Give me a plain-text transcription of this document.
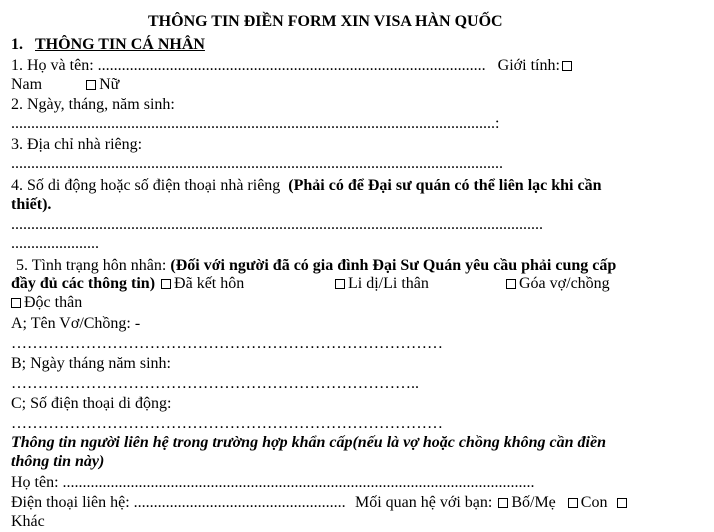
THÔNG TIN ĐIỀN FORM XIN VISA HÀN QUỐC
1. THÔNG TIN CÁ NHÂN
1. Họ và tên: ................................................................................................. Giới tính:
Nam	Nữ
2. Ngày, tháng, năm sinh:
.........................................................................................................................:
3. Địa chỉ nhà riêng:
...........................................................................................................................
4. Số di động hoặc số điện thoại nhà riêng (Phải có để Đại sư quán có thể liên lạc khi cần
thiết).
.....................................................................................................................................
......................
5. Tình trạng hôn nhân: (Đối với người đã có gia đình Đại Sư Quán yêu cầu phải cung cấp
đầy đủ các thông tin) Đã kết hôn	Li dị/Li thân	Góa vợ/chồng
Độc thân
A; Tên Vơ/Chồng: -
………………………………………………………………………
B; Ngày tháng năm sinh:
…………………………………………………………………..
C; Số điện thoại di động:
………………………………………………………………………
Thông tin người liên hệ trong trường hợp khẩn cấp(nếu là vợ hoặc chồng không cần điền
thông tin này)
Họ tên: ......................................................................................................................
Điện thoại liên hệ: ..................................................... Mối quan hệ với bạn: Bố/Mẹ Con
Khác
